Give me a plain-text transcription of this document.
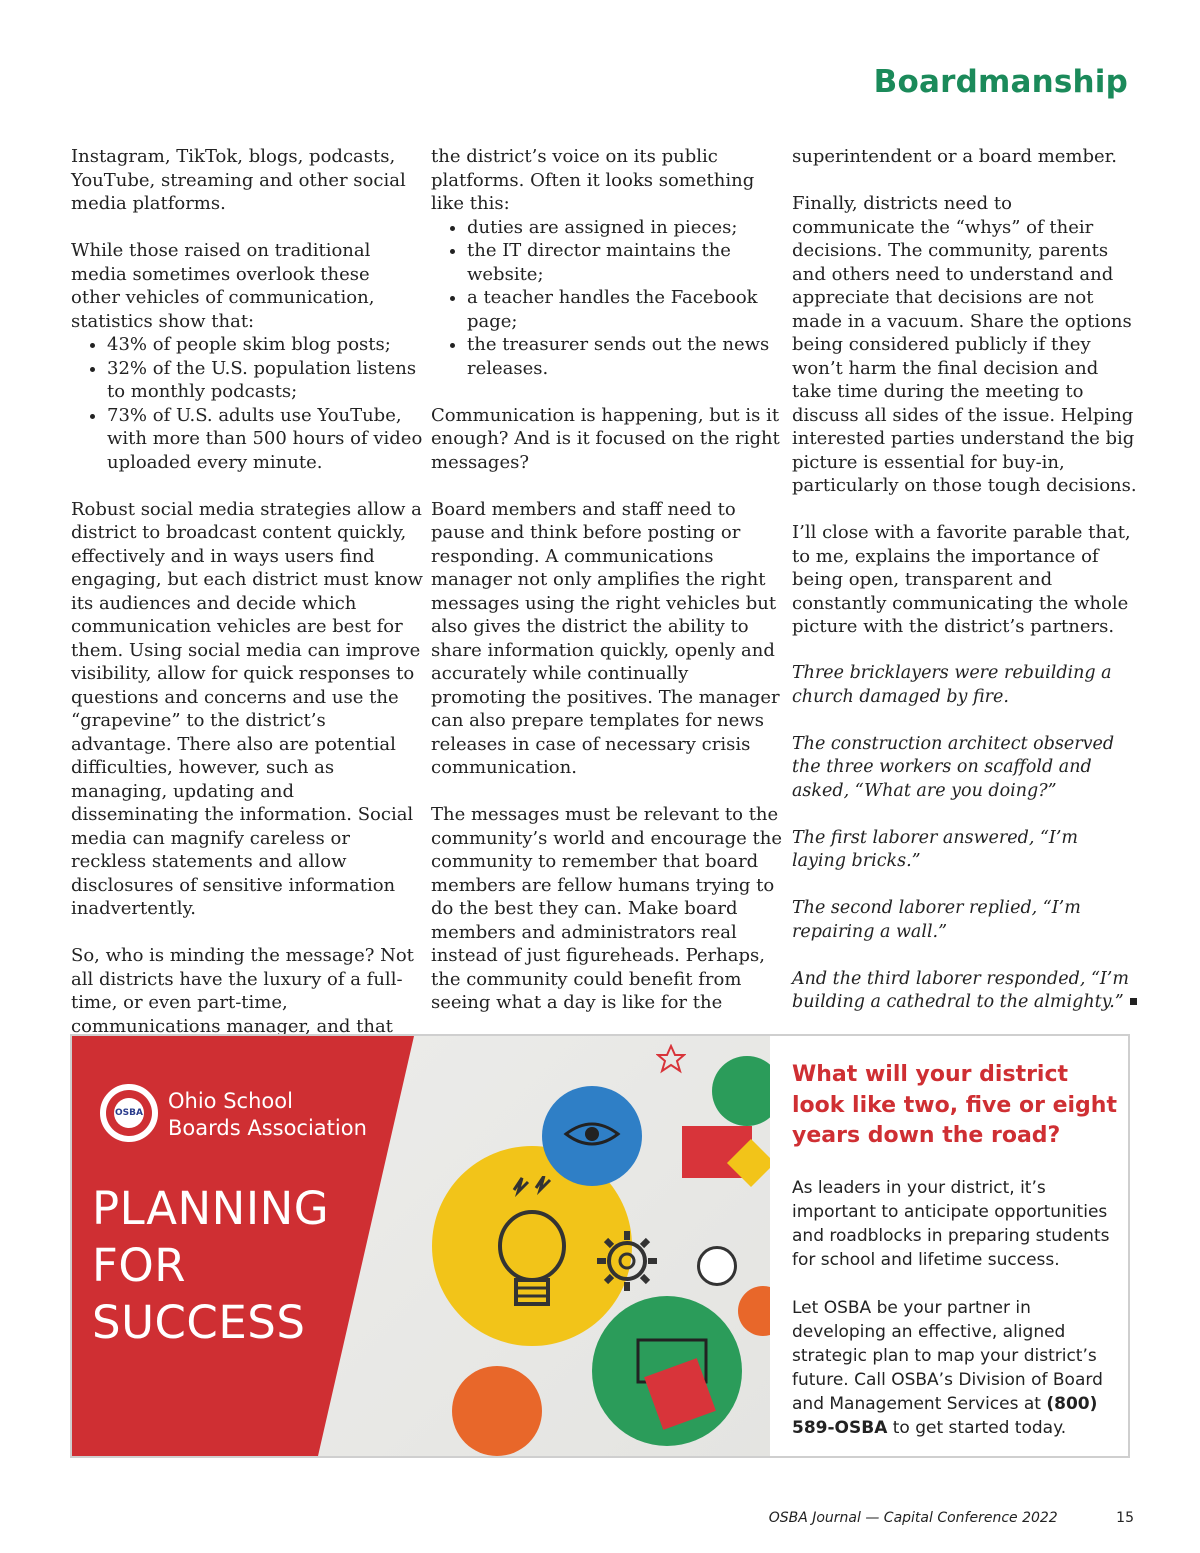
Boardmanship

Instagram, TikTok, blogs, podcasts, YouTube, streaming and other social media platforms.

While those raised on traditional media sometimes overlook these other vehicles of communication, statistics show that:

• 43% of people skim blog posts;
• 32% of the U.S. population listens to monthly podcasts;
• 73% of U.S. adults use YouTube, with more than 500 hours of video uploaded every minute.

Robust social media strategies allow a district to broadcast content quickly, effectively and in ways users find engaging, but each district must know its audiences and decide which communication vehicles are best for them. Using social media can improve visibility, allow for quick responses to questions and concerns and use the “grapevine” to the district’s advantage. There also are potential difficulties, however, such as managing, updating and disseminating the information. Social media can magnify careless or reckless statements and allow disclosures of sensitive information inadvertently.

So, who is minding the message? Not all districts have the luxury of a full-time, or even part-time, communications manager, and that

the district’s voice on its public platforms. Often it looks something like this:

• duties are assigned in pieces;
• the IT director maintains the website;
• a teacher handles the Facebook page;
• the treasurer sends out the news releases.

Communication is happening, but is it enough? And is it focused on the right messages?

Board members and staff need to pause and think before posting or responding. A communications manager not only amplifies the right messages using the right vehicles but also gives the district the ability to share information quickly, openly and accurately while continually promoting the positives. The manager can also prepare templates for news releases in case of necessary crisis communication.

The messages must be relevant to the community’s world and encourage the community to remember that board members are fellow humans trying to do the best they can. Make board members and administrators real instead of just figureheads. Perhaps, the community could benefit from seeing what a day is like for the

superintendent or a board member.

Finally, districts need to communicate the “whys” of their decisions. The community, parents and others need to understand and appreciate that decisions are not made in a vacuum. Share the options being considered publicly if they won’t harm the final decision and take time during the meeting to discuss all sides of the issue. Helping interested parties understand the big picture is essential for buy-in, particularly on those tough decisions.

I’ll close with a favorite parable that, to me, explains the importance of being open, transparent and constantly communicating the whole picture with the district’s partners.

Three bricklayers were rebuilding a church damaged by fire.

The construction architect observed the three workers on scaffold and asked, “What are you doing?”

The first laborer answered, “I’m laying bricks.”

The second laborer replied, “I’m repairing a wall.”

And the third laborer responded, “I’m building a cathedral to the almighty.”

OSBA Ohio School
Boards Association
PLANNING
FOR
SUCCESS
What will your district look like two, five or eight years down the road?

As leaders in your district, it’s important to anticipate opportunities and roadblocks in preparing students for school and lifetime success.

Let OSBA be your partner in developing an effective, aligned strategic plan to map your district’s future. Call OSBA’s Division of Board and Management Services at (800) 589-OSBA to get started today.

OSBA Journal — Capital Conference 2022	15
